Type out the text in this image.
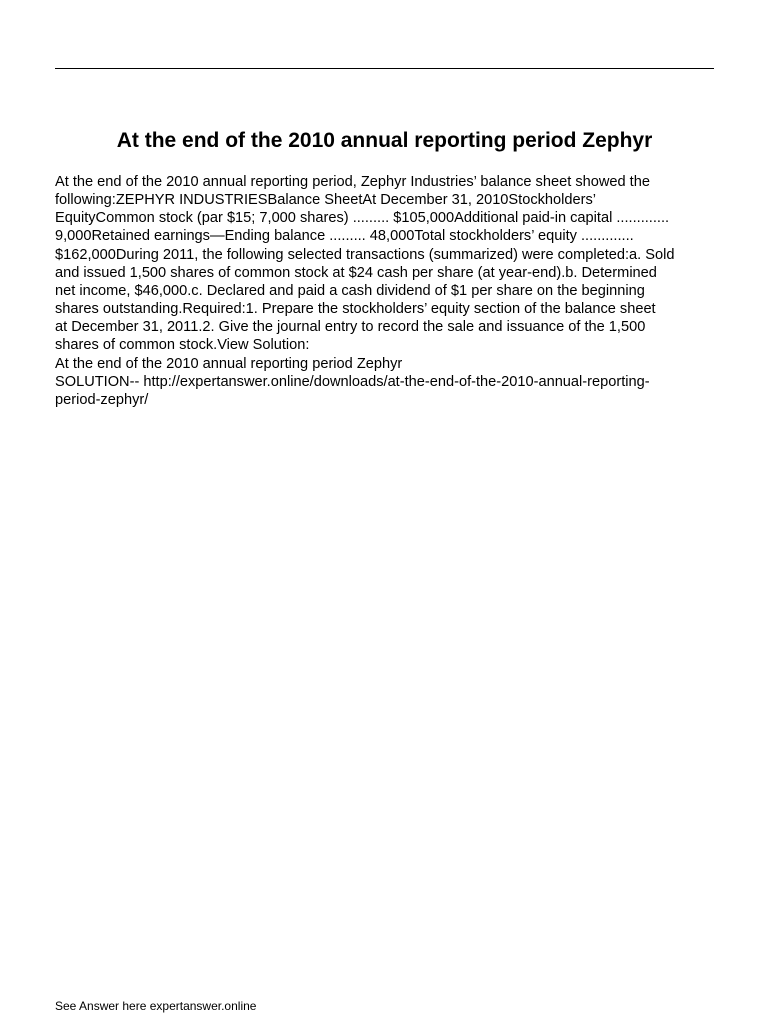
At the end of the 2010 annual reporting period Zephyr
At the end of the 2010 annual reporting period, Zephyr Industries’ balance sheet showed the
following:ZEPHYR INDUSTRIESBalance SheetAt December 31, 2010Stockholders’
EquityCommon stock (par $15; 7,000 shares) ......... $105,000Additional paid-in capital .............
9,000Retained earnings—Ending balance ......... 48,000Total stockholders’ equity .............
$162,000During 2011, the following selected transactions (summarized) were completed:a. Sold
and issued 1,500 shares of common stock at $24 cash per share (at year-end).b. Determined
net income, $46,000.c. Declared and paid a cash dividend of $1 per share on the beginning
shares outstanding.Required:1. Prepare the stockholders’ equity section of the balance sheet
at December 31, 2011.2. Give the journal entry to record the sale and issuance of the 1,500
shares of common stock.View Solution:
At the end of the 2010 annual reporting period Zephyr
SOLUTION-- http://expertanswer.online/downloads/at-the-end-of-the-2010-annual-reporting-
period-zephyr/

See Answer here expertanswer.online
